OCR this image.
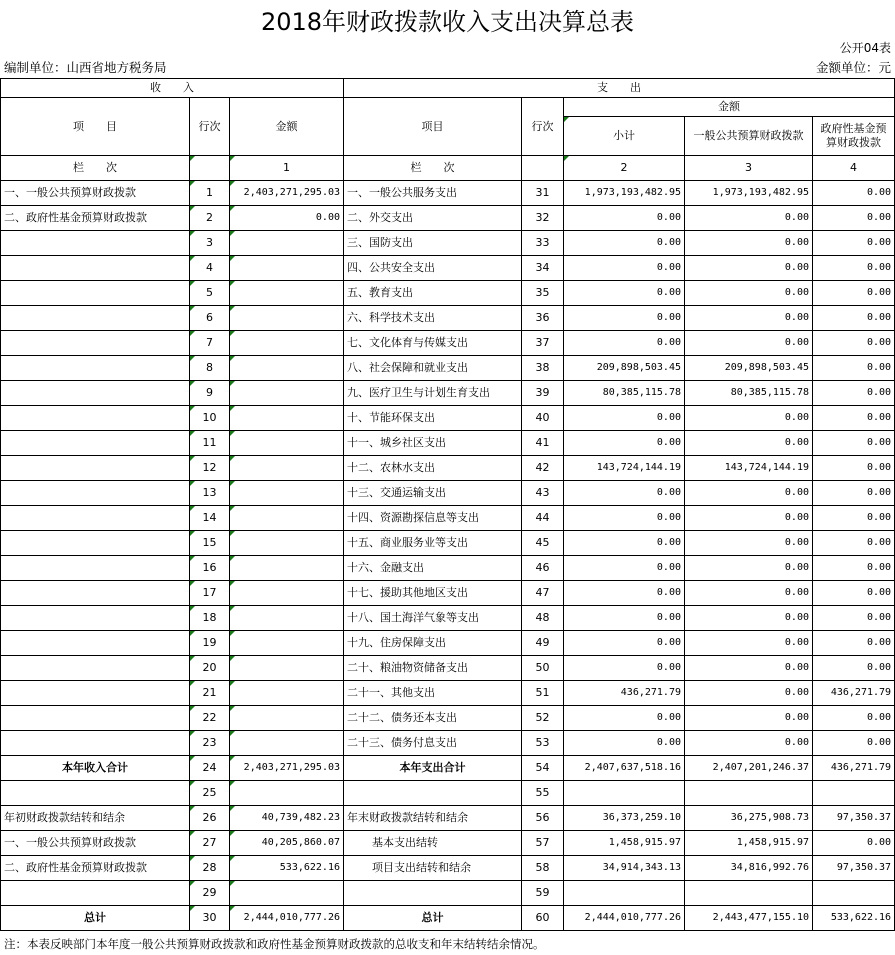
2018年财政拨款收入支出决算总表
公开04表
编制单位：山西省地方税务局	金额单位：元
收　　入			支　　出				
项　　目	行次	金额	项目	行次	金额		
					小计	一般公共预算财政拨款	政府性基金预算财政拨款
栏　　次		1	栏　　次		2	3	4
一、一般公共预算财政拨款	1	2,403,271,295.03	一、一般公共服务支出	31	1,973,193,482.95	1,973,193,482.95	0.00
二、政府性基金预算财政拨款	2	0.00	二、外交支出	32	0.00	0.00	0.00
	3		三、国防支出	33	0.00	0.00	0.00
	4		四、公共安全支出	34	0.00	0.00	0.00
	5		五、教育支出	35	0.00	0.00	0.00
	6		六、科学技术支出	36	0.00	0.00	0.00
	7		七、文化体育与传媒支出	37	0.00	0.00	0.00
	8		八、社会保障和就业支出	38	209,898,503.45	209,898,503.45	0.00
	9		九、医疗卫生与计划生育支出	39	80,385,115.78	80,385,115.78	0.00
	10		十、节能环保支出	40	0.00	0.00	0.00
	11		十一、城乡社区支出	41	0.00	0.00	0.00
	12		十二、农林水支出	42	143,724,144.19	143,724,144.19	0.00
	13		十三、交通运输支出	43	0.00	0.00	0.00
	14		十四、资源勘探信息等支出	44	0.00	0.00	0.00
	15		十五、商业服务业等支出	45	0.00	0.00	0.00
	16		十六、金融支出	46	0.00	0.00	0.00
	17		十七、援助其他地区支出	47	0.00	0.00	0.00
	18		十八、国土海洋气象等支出	48	0.00	0.00	0.00
	19		十九、住房保障支出	49	0.00	0.00	0.00
	20		二十、粮油物资储备支出	50	0.00	0.00	0.00
	21		二十一、其他支出	51	436,271.79	0.00	436,271.79
	22		二十二、债务还本支出	52	0.00	0.00	0.00
	23		二十三、债务付息支出	53	0.00	0.00	0.00
本年收入合计	24	2,403,271,295.03	本年支出合计	54	2,407,637,518.16	2,407,201,246.37	436,271.79
	25			55			
年初财政拨款结转和结余	26	40,739,482.23	年末财政拨款结转和结余	56	36,373,259.10	36,275,908.73	97,350.37
一、一般公共预算财政拨款	27	40,205,860.07	基本支出结转	57	1,458,915.97	1,458,915.97	0.00
二、政府性基金预算财政拨款	28	533,622.16	项目支出结转和结余	58	34,914,343.13	34,816,992.76	97,350.37
	29			59			
总计	30	2,444,010,777.26	总计	60	2,444,010,777.26	2,443,477,155.10	533,622.16
注：本表反映部门本年度一般公共预算财政拨款和政府性基金预算财政拨款的总收支和年末结转结余情况。
